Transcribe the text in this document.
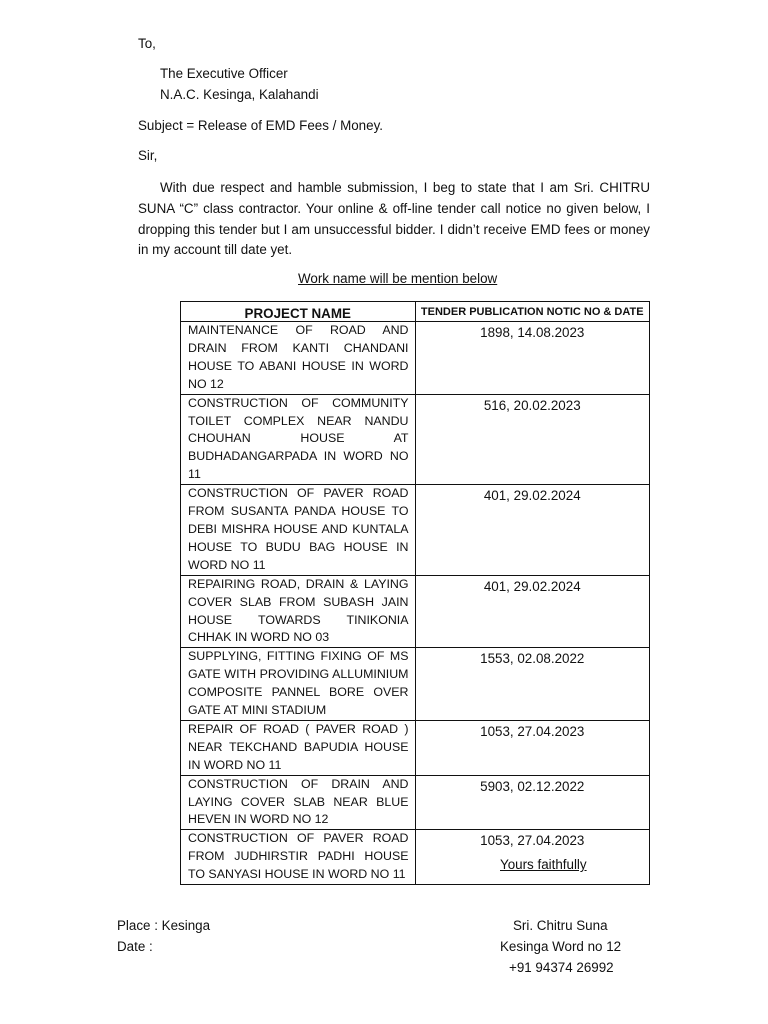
To,
The Executive Officer
N.A.C. Kesinga, Kalahandi
Subject = Release of EMD Fees / Money.
Sir,
With due respect and hamble submission, I beg to state that I am Sri. CHITRU SUNA “C” class contractor. Your online & off-line tender call notice no given below, I dropping this tender but I am unsuccessful bidder. I didn’t receive EMD fees or money in my account till date yet.
Work name will be mention below
PROJECT NAME	TENDER PUBLICATION NOTIC NO & DATE
MAINTENANCE OF ROAD AND DRAIN FROM KANTI CHANDANI HOUSE TO ABANI HOUSE IN WORD NO 12	1898, 14.08.2023
CONSTRUCTION OF COMMUNITY TOILET COMPLEX NEAR NANDU CHOUHAN HOUSE AT BUDHADANGARPADA IN WORD NO 11	516, 20.02.2023
CONSTRUCTION OF PAVER ROAD FROM SUSANTA PANDA HOUSE TO DEBI MISHRA HOUSE AND KUNTALA HOUSE TO BUDU BAG HOUSE IN WORD NO 11	401, 29.02.2024
REPAIRING ROAD, DRAIN & LAYING COVER SLAB FROM SUBASH JAIN HOUSE TOWARDS TINIKONIA CHHAK IN WORD NO 03	401, 29.02.2024
SUPPLYING, FITTING FIXING OF MS GATE WITH PROVIDING ALLUMINIUM COMPOSITE PANNEL BORE OVER GATE AT MINI STADIUM	1553, 02.08.2022
REPAIR OF ROAD ( PAVER ROAD ) NEAR TEKCHAND BAPUDIA HOUSE IN WORD NO 11	1053, 27.04.2023
CONSTRUCTION OF DRAIN AND LAYING COVER SLAB NEAR BLUE HEVEN IN WORD NO 12	5903, 02.12.2022
CONSTRUCTION OF PAVER ROAD FROM JUDHIRSTIR PADHI HOUSE TO SANYASI HOUSE IN WORD NO 11	1053, 27.04.2023
Yours faithfully
Place : Kesinga
Date :
Sri. Chitru Suna
Kesinga Word no 12
+91 94374 26992
